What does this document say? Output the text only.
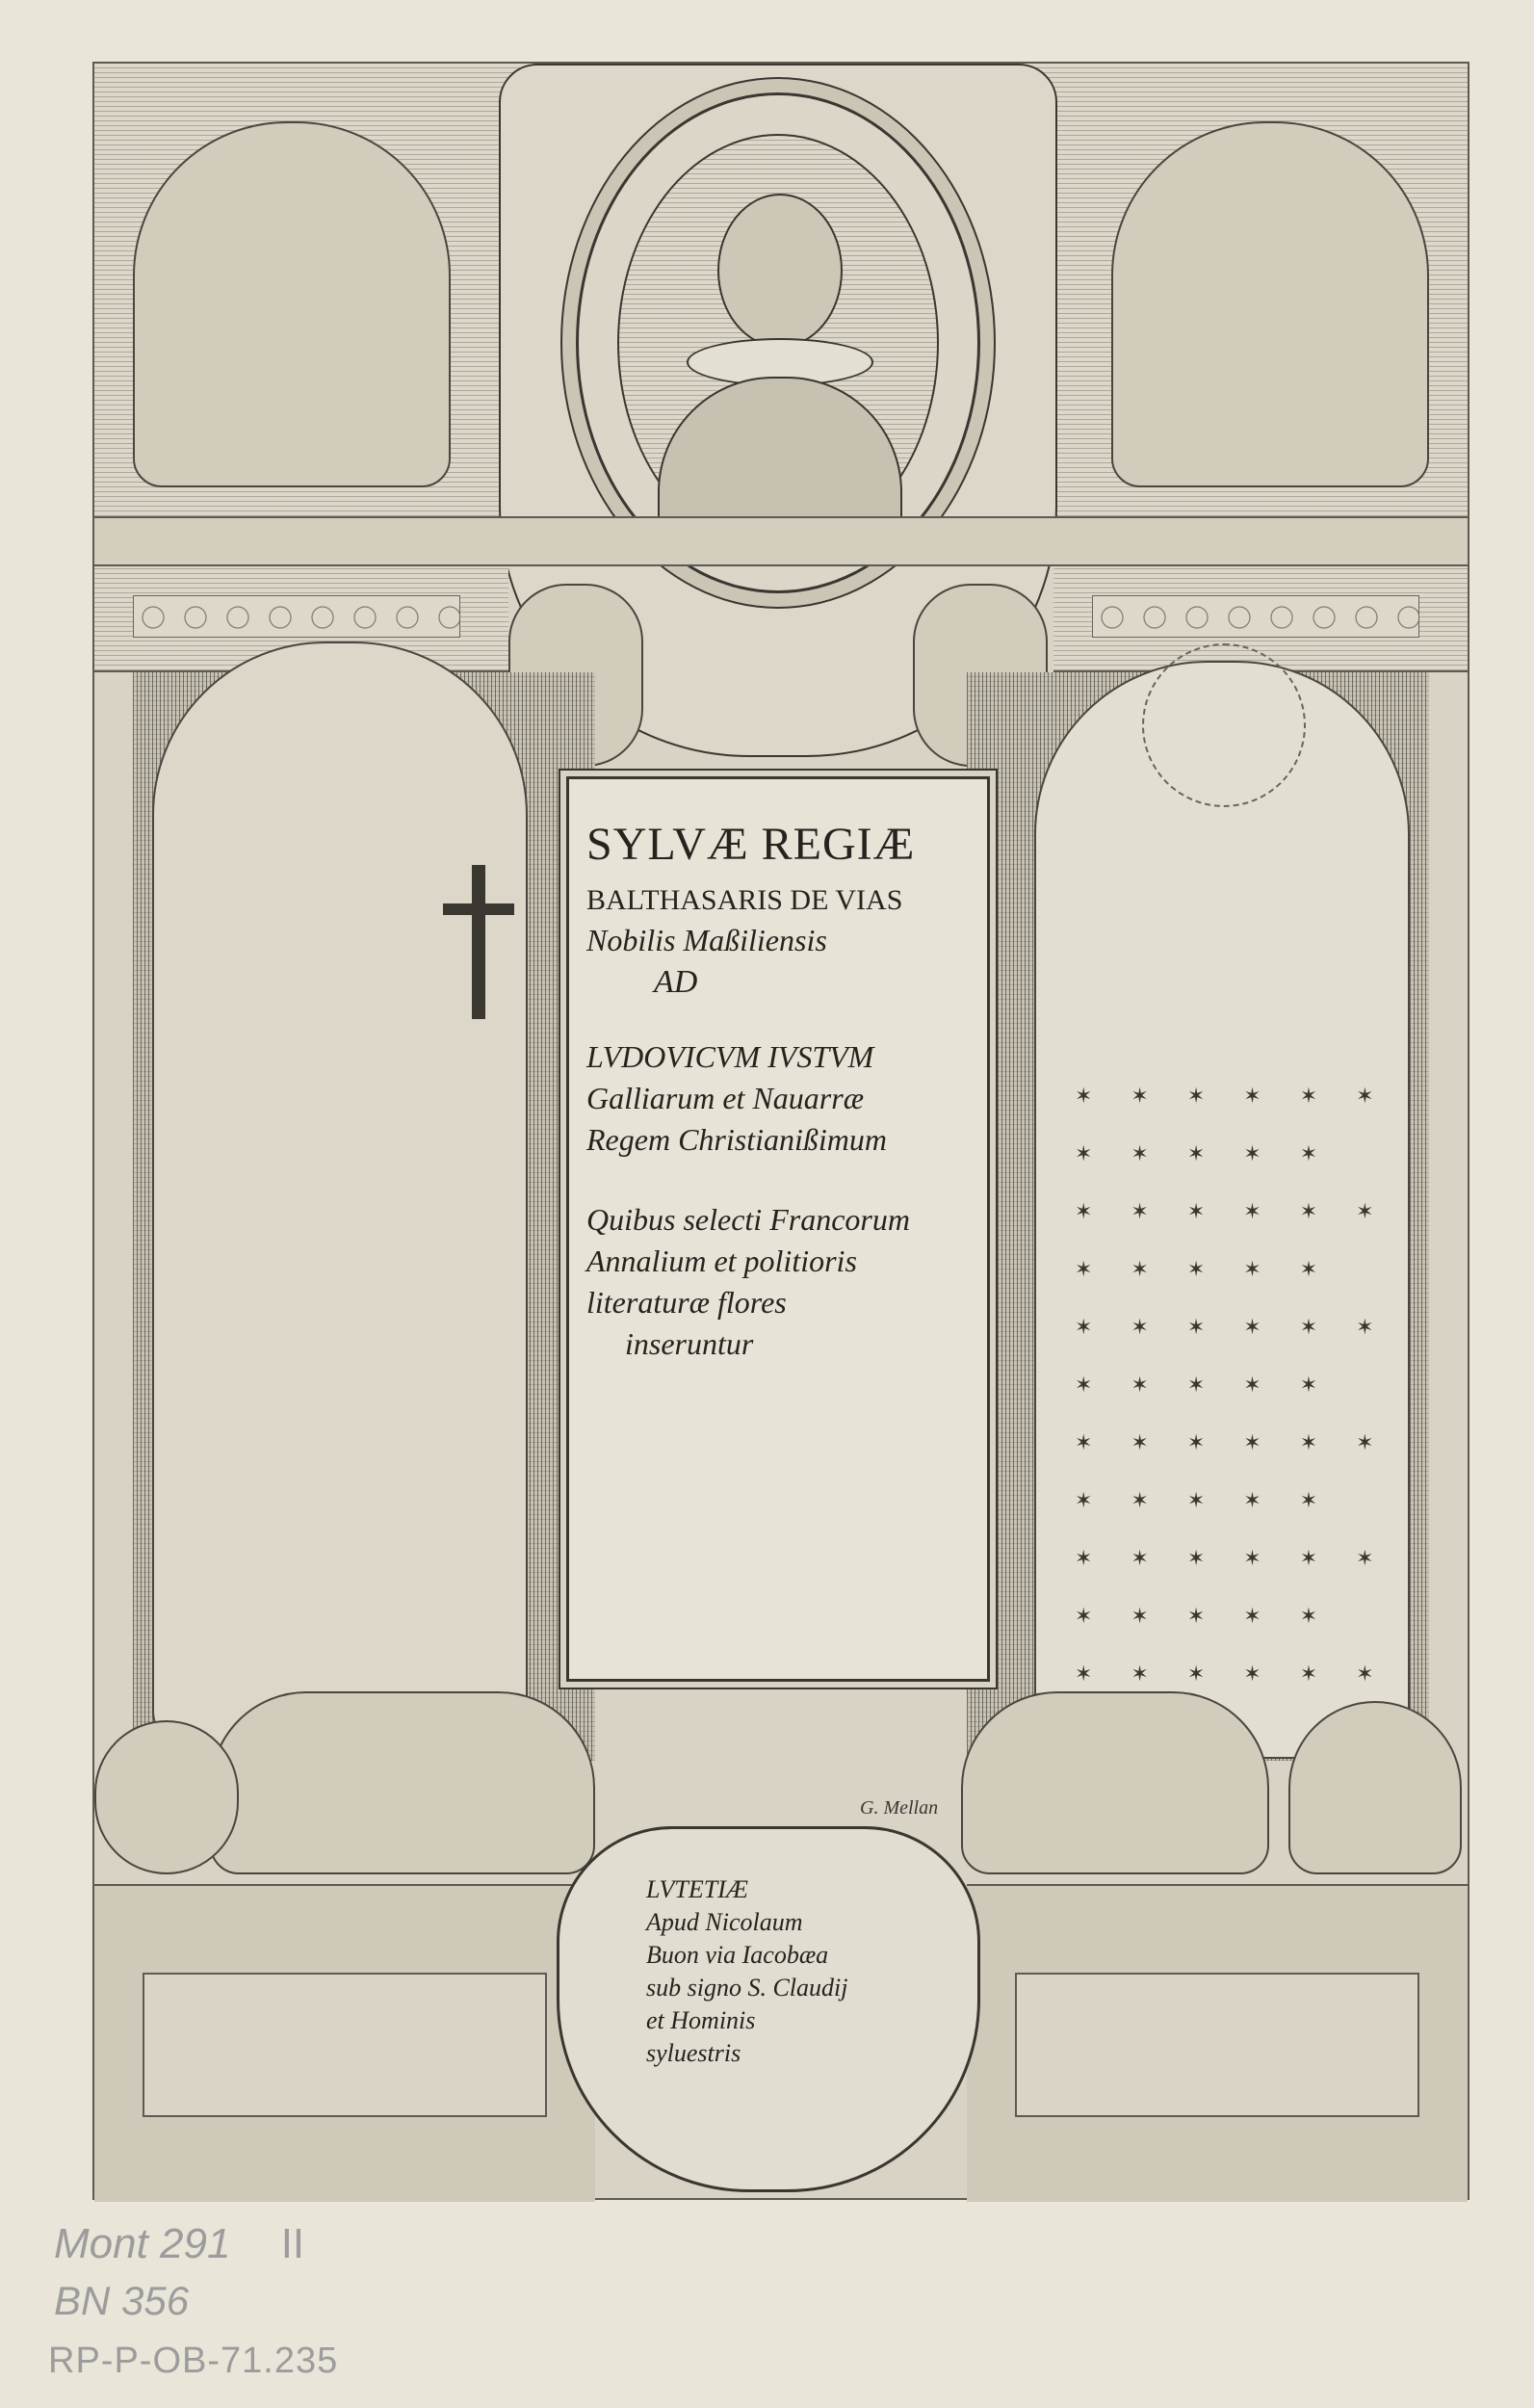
✶✶✶✶✶✶ ✶✶✶✶✶ ✶✶✶✶✶✶ ✶✶✶✶✶ ✶✶✶✶✶✶ ✶✶✶✶✶ ✶✶✶✶✶✶ ✶✶✶✶✶ ✶✶✶✶✶✶ ✶✶✶✶✶ ✶✶✶✶✶✶

SYLVÆ REGIÆ

BALTHASARIS DE VIAS

Nobilis Maßiliensis

AD

LVDOVICVM IVSTVM

Galliarum et Nauarræ

Regem Christianißimum

Quibus selecti Francorum

Annalium et politioris

literaturæ flores

inseruntur

G. Mellan

LVTETIÆ

Apud Nicolaum

Buon via Iacobæa

sub signo S. Claudij

et Hominis

syluestris

Mont 291 II
BN 356
RP-P-OB-71.235
